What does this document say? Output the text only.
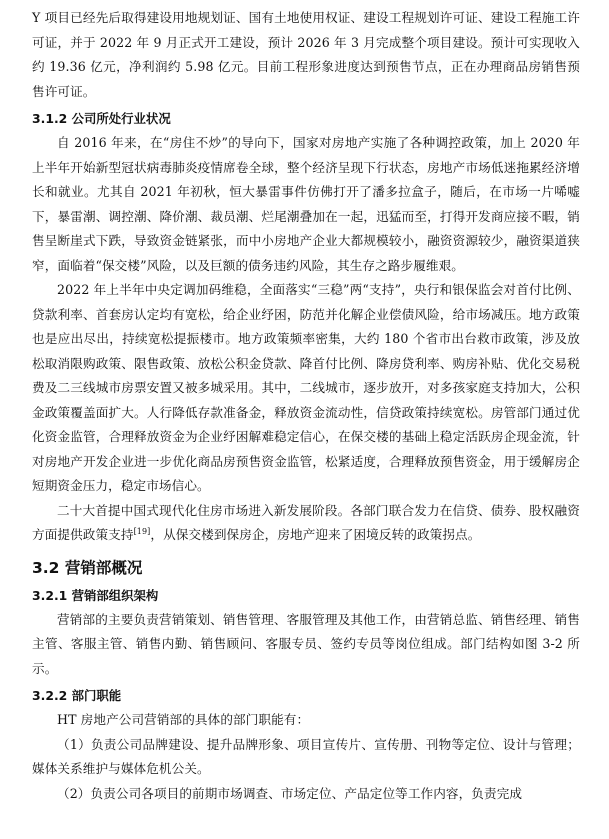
Y 项目已经先后取得建设用地规划证、国有土地使用权证、建设工程规划许可证、建设工程施工许可证，并于 2022 年 9 月正式开工建设，预计 2026 年 3 月完成整个项目建设。预计可实现收入约 19.36 亿元，净利润约 5.98 亿元。目前工程形象进度达到预售节点，正在办理商品房销售预售许可证。

3.1.2 公司所处行业状况

自 2016 年来，在“房住不炒”的导向下，国家对房地产实施了各种调控政策，加上 2020 年上半年开始新型冠状病毒肺炎疫情席卷全球，整个经济呈现下行状态，房地产市场低迷拖累经济增长和就业。尤其自 2021 年初秋，恒大暴雷事件仿佛打开了潘多拉盒子，随后，在市场一片唏嘘下，暴雷潮、调控潮、降价潮、裁员潮、烂尾潮叠加在一起，迅猛而至，打得开发商应接不暇，销售呈断崖式下跌，导致资金链紧张，而中小房地产企业大都规模较小，融资资源较少，融资渠道狭窄，面临着“保交楼”风险，以及巨额的债务违约风险，其生存之路步履维艰。

2022 年上半年中央定调加码维稳，全面落实“三稳”两“支持”，央行和银保监会对首付比例、贷款利率、首套房认定均有宽松，给企业纾困，防范并化解企业偿债风险，给市场减压。地方政策也是应出尽出，持续宽松提振楼市。地方政策频率密集，大约 180 个省市出台救市政策，涉及放松取消限购政策、限售政策、放松公积金贷款、降首付比例、降房贷利率、购房补贴、优化交易税费及二三线城市房票安置又被多城采用。其中，二线城市，逐步放开，对多孩家庭支持加大，公积金政策覆盖面扩大。人行降低存款准备金，释放资金流动性，信贷政策持续宽松。房管部门通过优化资金监管，合理释放资金为企业纾困解难稳定信心，在保交楼的基础上稳定活跃房企现金流，针对房地产开发企业进一步优化商品房预售资金监管，松紧适度，合理释放预售资金，用于缓解房企短期资金压力，稳定市场信心。

二十大首提中国式现代化住房市场进入新发展阶段。各部门联合发力在信贷、债券、股权融资方面提供政策支持[19]，从保交楼到保房企，房地产迎来了困境反转的政策拐点。

3.2 营销部概况
3.2.1 营销部组织架构

营销部的主要负责营销策划、销售管理、客服管理及其他工作，由营销总监、销售经理、销售主管、客服主管、销售内勤、销售顾问、客服专员、签约专员等岗位组成。部门结构如图 3-2 所示。

3.2.2 部门职能

HT 房地产公司营销部的具体的部门职能有：

（1）负责公司品牌建设、提升品牌形象、项目宣传片、宣传册、刊物等定位、设计与管理；媒体关系维护与媒体危机公关。

（2）负责公司各项目的前期市场调查、市场定位、产品定位等工作内容，负责完成
